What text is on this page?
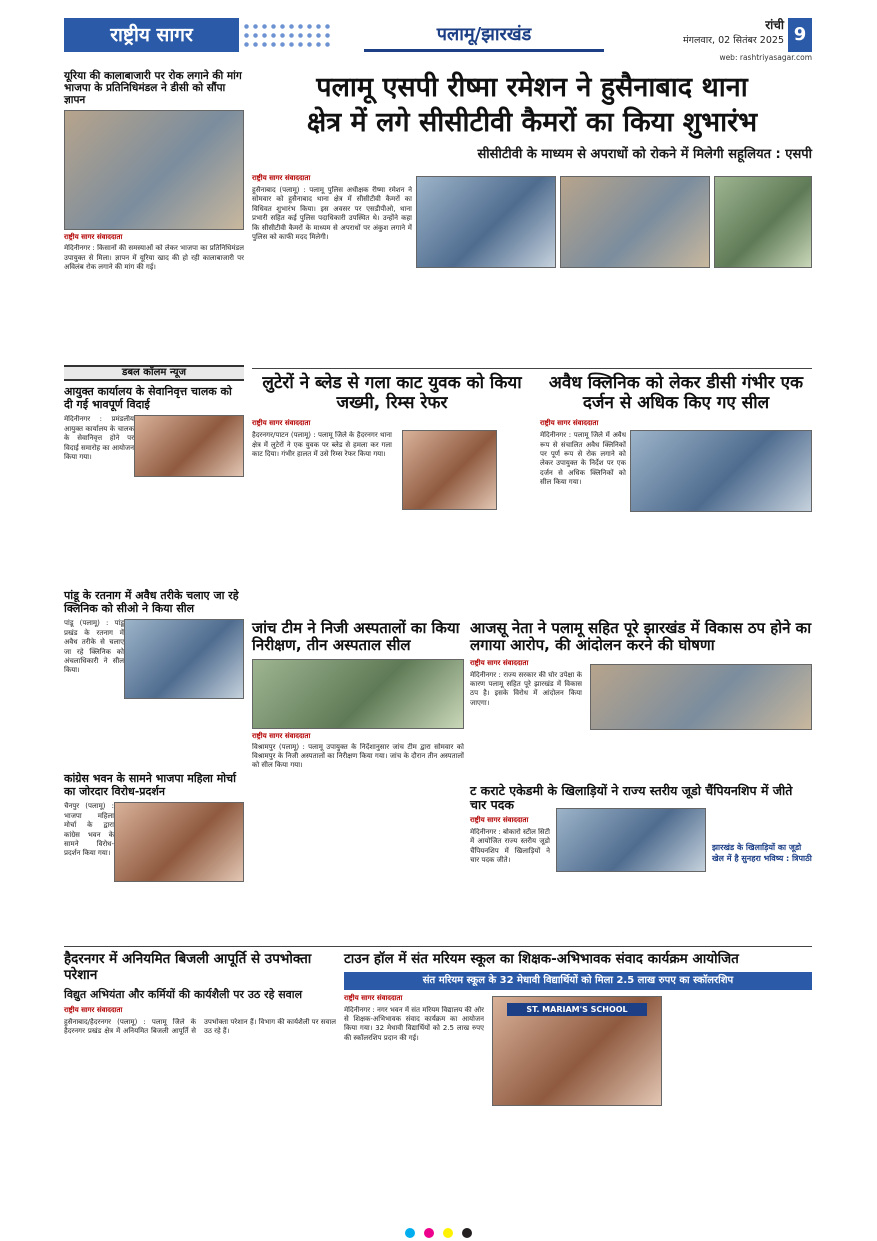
राष्ट्रीय सागर	पलामू/झारखंड	रांची
मंगलवार, 02 सितंबर 2025 9
web: rashtriyasagar.com
यूरिया की कालाबाजारी पर रोक लगाने की मांग भाजपा के प्रतिनिधिमंडल ने डीसी को सौंपा ज्ञापन
राष्ट्रीय सागर संवाददाता
मेदिनीनगर : किसानों की समस्याओं को लेकर भाजपा का प्रतिनिधिमंडल उपायुक्त से मिला। ज्ञापन में यूरिया खाद की हो रही कालाबाजारी पर अविलंब रोक लगाने की मांग की गई।
पलामू एसपी रीष्मा रमेशन ने हुसैनाबाद थाना
क्षेत्र में लगे सीसीटीवी कैमरों का किया शुभारंभ
सीसीटीवी के माध्यम से अपराधों को रोकने में मिलेगी सहूलियत : एसपी
राष्ट्रीय सागर संवाददाता
हुसैनाबाद (पलामू) : पलामू पुलिस अधीक्षक रीष्मा रमेशन ने सोमवार को हुसैनाबाद थाना क्षेत्र में सीसीटीवी कैमरों का विधिवत शुभारंभ किया। इस अवसर पर एसडीपीओ, थाना प्रभारी सहित कई पुलिस पदाधिकारी उपस्थित थे। उन्होंने कहा कि सीसीटीवी कैमरों के माध्यम से अपराधों पर अंकुश लगाने में पुलिस को काफी मदद मिलेगी।
डबल कॉलम न्यूज
आयुक्त कार्यालय के सेवानिवृत्त चालक को दी गई भावपूर्ण विदाई
मेदिनीनगर : प्रमंडलीय आयुक्त कार्यालय के चालक के सेवानिवृत्त होने पर विदाई समारोह का आयोजन किया गया।
पांडू के रतनाग में अवैध तरीके चलाए जा रहे क्लिनिक को सीओ ने किया सील
पांडू (पलामू) : पांडू प्रखंड के रतनाग में अवैध तरीके से चलाए जा रहे क्लिनिक को अंचलाधिकारी ने सील किया।
कांग्रेस भवन के सामने भाजपा महिला मोर्चा का जोरदार विरोध-प्रदर्शन
चैनपुर (पलामू) : भाजपा महिला मोर्चा के द्वारा कांग्रेस भवन के सामने विरोध-प्रदर्शन किया गया।
लुटेरों ने ब्लेड से गला काट युवक को किया जख्मी, रिम्स रेफर
राष्ट्रीय सागर संवाददाता
हैदरनगर/पाटन (पलामू) : पलामू जिले के हैदरनगर थाना क्षेत्र में लुटेरों ने एक युवक पर ब्लेड से हमला कर गला काट दिया। गंभीर हालत में उसे रिम्स रेफर किया गया।
अवैध क्लिनिक को लेकर डीसी गंभीर एक दर्जन से अधिक किए गए सील
राष्ट्रीय सागर संवाददाता
मेदिनीनगर : पलामू जिले में अवैध रूप से संचालित अवैध क्लिनिकों पर पूर्ण रूप से रोक लगाने को लेकर उपायुक्त के निर्देश पर एक दर्जन से अधिक क्लिनिकों को सील किया गया।
जांच टीम ने निजी अस्पतालों का किया निरीक्षण, तीन अस्पताल सील
राष्ट्रीय सागर संवाददाता
विश्रामपुर (पलामू) : पलामू उपायुक्त के निर्देशानुसार जांच टीम द्वारा सोमवार को विश्रामपुर के निजी अस्पतालों का निरीक्षण किया गया। जांच के दौरान तीन अस्पतालों को सील किया गया।
आजसू नेता ने पलामू सहित पूरे झारखंड में विकास ठप होने का लगाया आरोप, की आंदोलन करने की घोषणा
राष्ट्रीय सागर संवाददाता
मेदिनीनगर : राज्य सरकार की घोर उपेक्षा के कारण पलामू सहित पूरे झारखंड में विकास ठप है। इसके विरोध में आंदोलन किया जाएगा।
ट कराटे एकेडमी के खिलाड़ियों ने राज्य स्तरीय जूडो चैंपियनशिप में जीते चार पदक
राष्ट्रीय सागर संवाददाता
मेदिनीनगर : बोकारो स्टील सिटी में आयोजित राज्य स्तरीय जूडो चैंपियनशिप में खिलाड़ियों ने चार पदक जीते।
झारखंड के खिलाड़ियों का जूडो खेल में है सुनहरा भविष्य : त्रिपाठी
हैदरनगर में अनियमित बिजली आपूर्ति से उपभोक्ता परेशान
विद्युत अभियंता और कर्मियों की कार्यशैली पर उठ रहे सवाल
राष्ट्रीय सागर संवाददाता
हुसैनाबाद/हैदरनगर (पलामू) : पलामू जिले के हैदरनगर प्रखंड क्षेत्र में अनियमित बिजली आपूर्ति से उपभोक्ता परेशान हैं। विभाग की कार्यशैली पर सवाल उठ रहे हैं।
टाउन हॉल में संत मरियम स्कूल का शिक्षक-अभिभावक संवाद कार्यक्रम आयोजित
संत मरियम स्कूल के 32 मेधावी विद्यार्थियों को मिला 2.5 लाख रुपए का स्कॉलरशिप
राष्ट्रीय सागर संवाददाता
मेदिनीनगर : नगर भवन में संत मरियम विद्यालय की ओर से शिक्षक-अभिभावक संवाद कार्यक्रम का आयोजन किया गया। 32 मेधावी विद्यार्थियों को 2.5 लाख रुपए की स्कॉलरशिप प्रदान की गई।
ST. MARIAM'S SCHOOL
